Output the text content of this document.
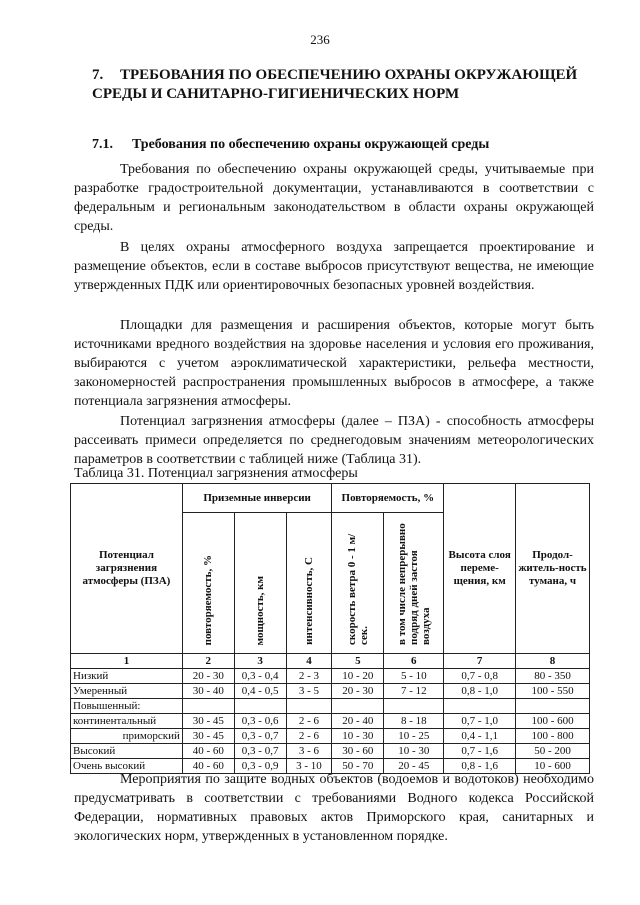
236
7. ТРЕБОВАНИЯ ПО ОБЕСПЕЧЕНИЮ ОХРАНЫ ОКРУЖАЮЩЕЙ СРЕДЫ И САНИТАРНО-ГИГИЕНИЧЕСКИХ НОРМ
7.1. Требования по обеспечению охраны окружающей среды

Требования по обеспечению охраны окружающей среды, учитываемые при разработке градостроительной документации, устанавливаются в соответствии с федеральным и региональным законодательством в области охраны окружающей среды.

В целях охраны атмосферного воздуха запрещается проектирование и размещение объектов, если в составе выбросов присутствуют вещества, не имеющие утвержденных ПДК или ориентировочных безопасных уровней воздействия.

Площадки для размещения и расширения объектов, которые могут быть источниками вредного воздействия на здоровье населения и условия его проживания, выбираются с учетом аэроклиматической характеристики, рельефа местности, закономерностей распространения промышленных выбросов в атмосфере, а также потенциала загрязнения атмосферы.

Потенциал загрязнения атмосферы (далее – ПЗА) - способность атмосферы рассеивать примеси определяется по среднегодовым значениям метеорологических параметров в соответствии с таблицей ниже (Таблица 31).

Таблица 31. Потенциал загрязнения атмосферы
Потенциал загрязнения атмосферы (ПЗА)	Приземные инверсии			Повторяемость, %		Высота слоя переме-щения, км	Продол-житель-ность тумана, ч
	повторяемость, %	мощность, км	интенсивность, С	скорость ветра 0 - 1 м/ сек.	в том числе непрерывно подряд дней застоя воздуха		
1	2	3	4	5	6	7	8
Низкий	20 - 30	0,3 - 0,4	2 - 3	10 - 20	5 - 10	0,7 - 0,8	80 - 350
Умеренный	30 - 40	0,4 - 0,5	3 - 5	20 - 30	7 - 12	0,8 - 1,0	100 - 550
Повышенный:							
континентальный	30 - 45	0,3 - 0,6	2 - 6	20 - 40	8 - 18	0,7 - 1,0	100 - 600
приморский	30 - 45	0,3 - 0,7	2 - 6	10 - 30	10 - 25	0,4 - 1,1	100 - 800
Высокий	40 - 60	0,3 - 0,7	3 - 6	30 - 60	10 - 30	0,7 - 1,6	50 - 200
Очень высокий	40 - 60	0,3 - 0,9	3 - 10	50 - 70	20 - 45	0,8 - 1,6	10 - 600

Мероприятия по защите водных объектов (водоемов и водотоков) необходимо предусматривать в соответствии с требованиями Водного кодекса Российской Федерации, нормативных правовых актов Приморского края, санитарных и экологических норм, утвержденных в установленном порядке.
